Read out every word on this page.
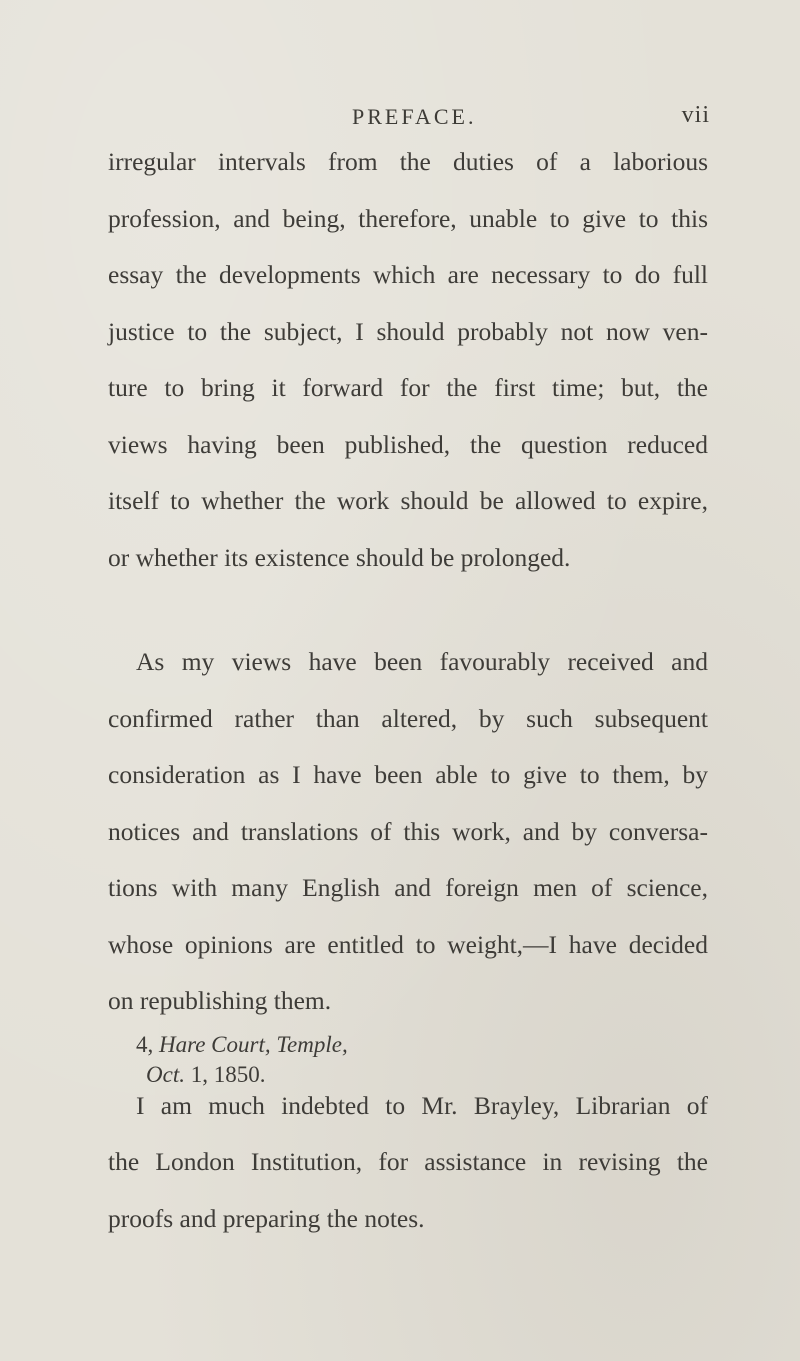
PREFACE.	vii
irregular intervals from the duties of a laborious
profession, and being, therefore, unable to give to this
essay the developments which are necessary to do full
justice to the subject, I should probably not now ven-
ture to bring it forward for the first time; but, the
views having been published, the question reduced
itself to whether the work should be allowed to expire,
or whether its existence should be prolonged.
As my views have been favourably received and
confirmed rather than altered, by such subsequent
consideration as I have been able to give to them, by
notices and translations of this work, and by conversa-
tions with many English and foreign men of science,
whose opinions are entitled to weight,—I have decided
on republishing them.
I am much indebted to Mr. Brayley, Librarian of
the London Institution, for assistance in revising the
proofs and preparing the notes.
4, Hare Court, Temple,
Oct. 1, 1850.
